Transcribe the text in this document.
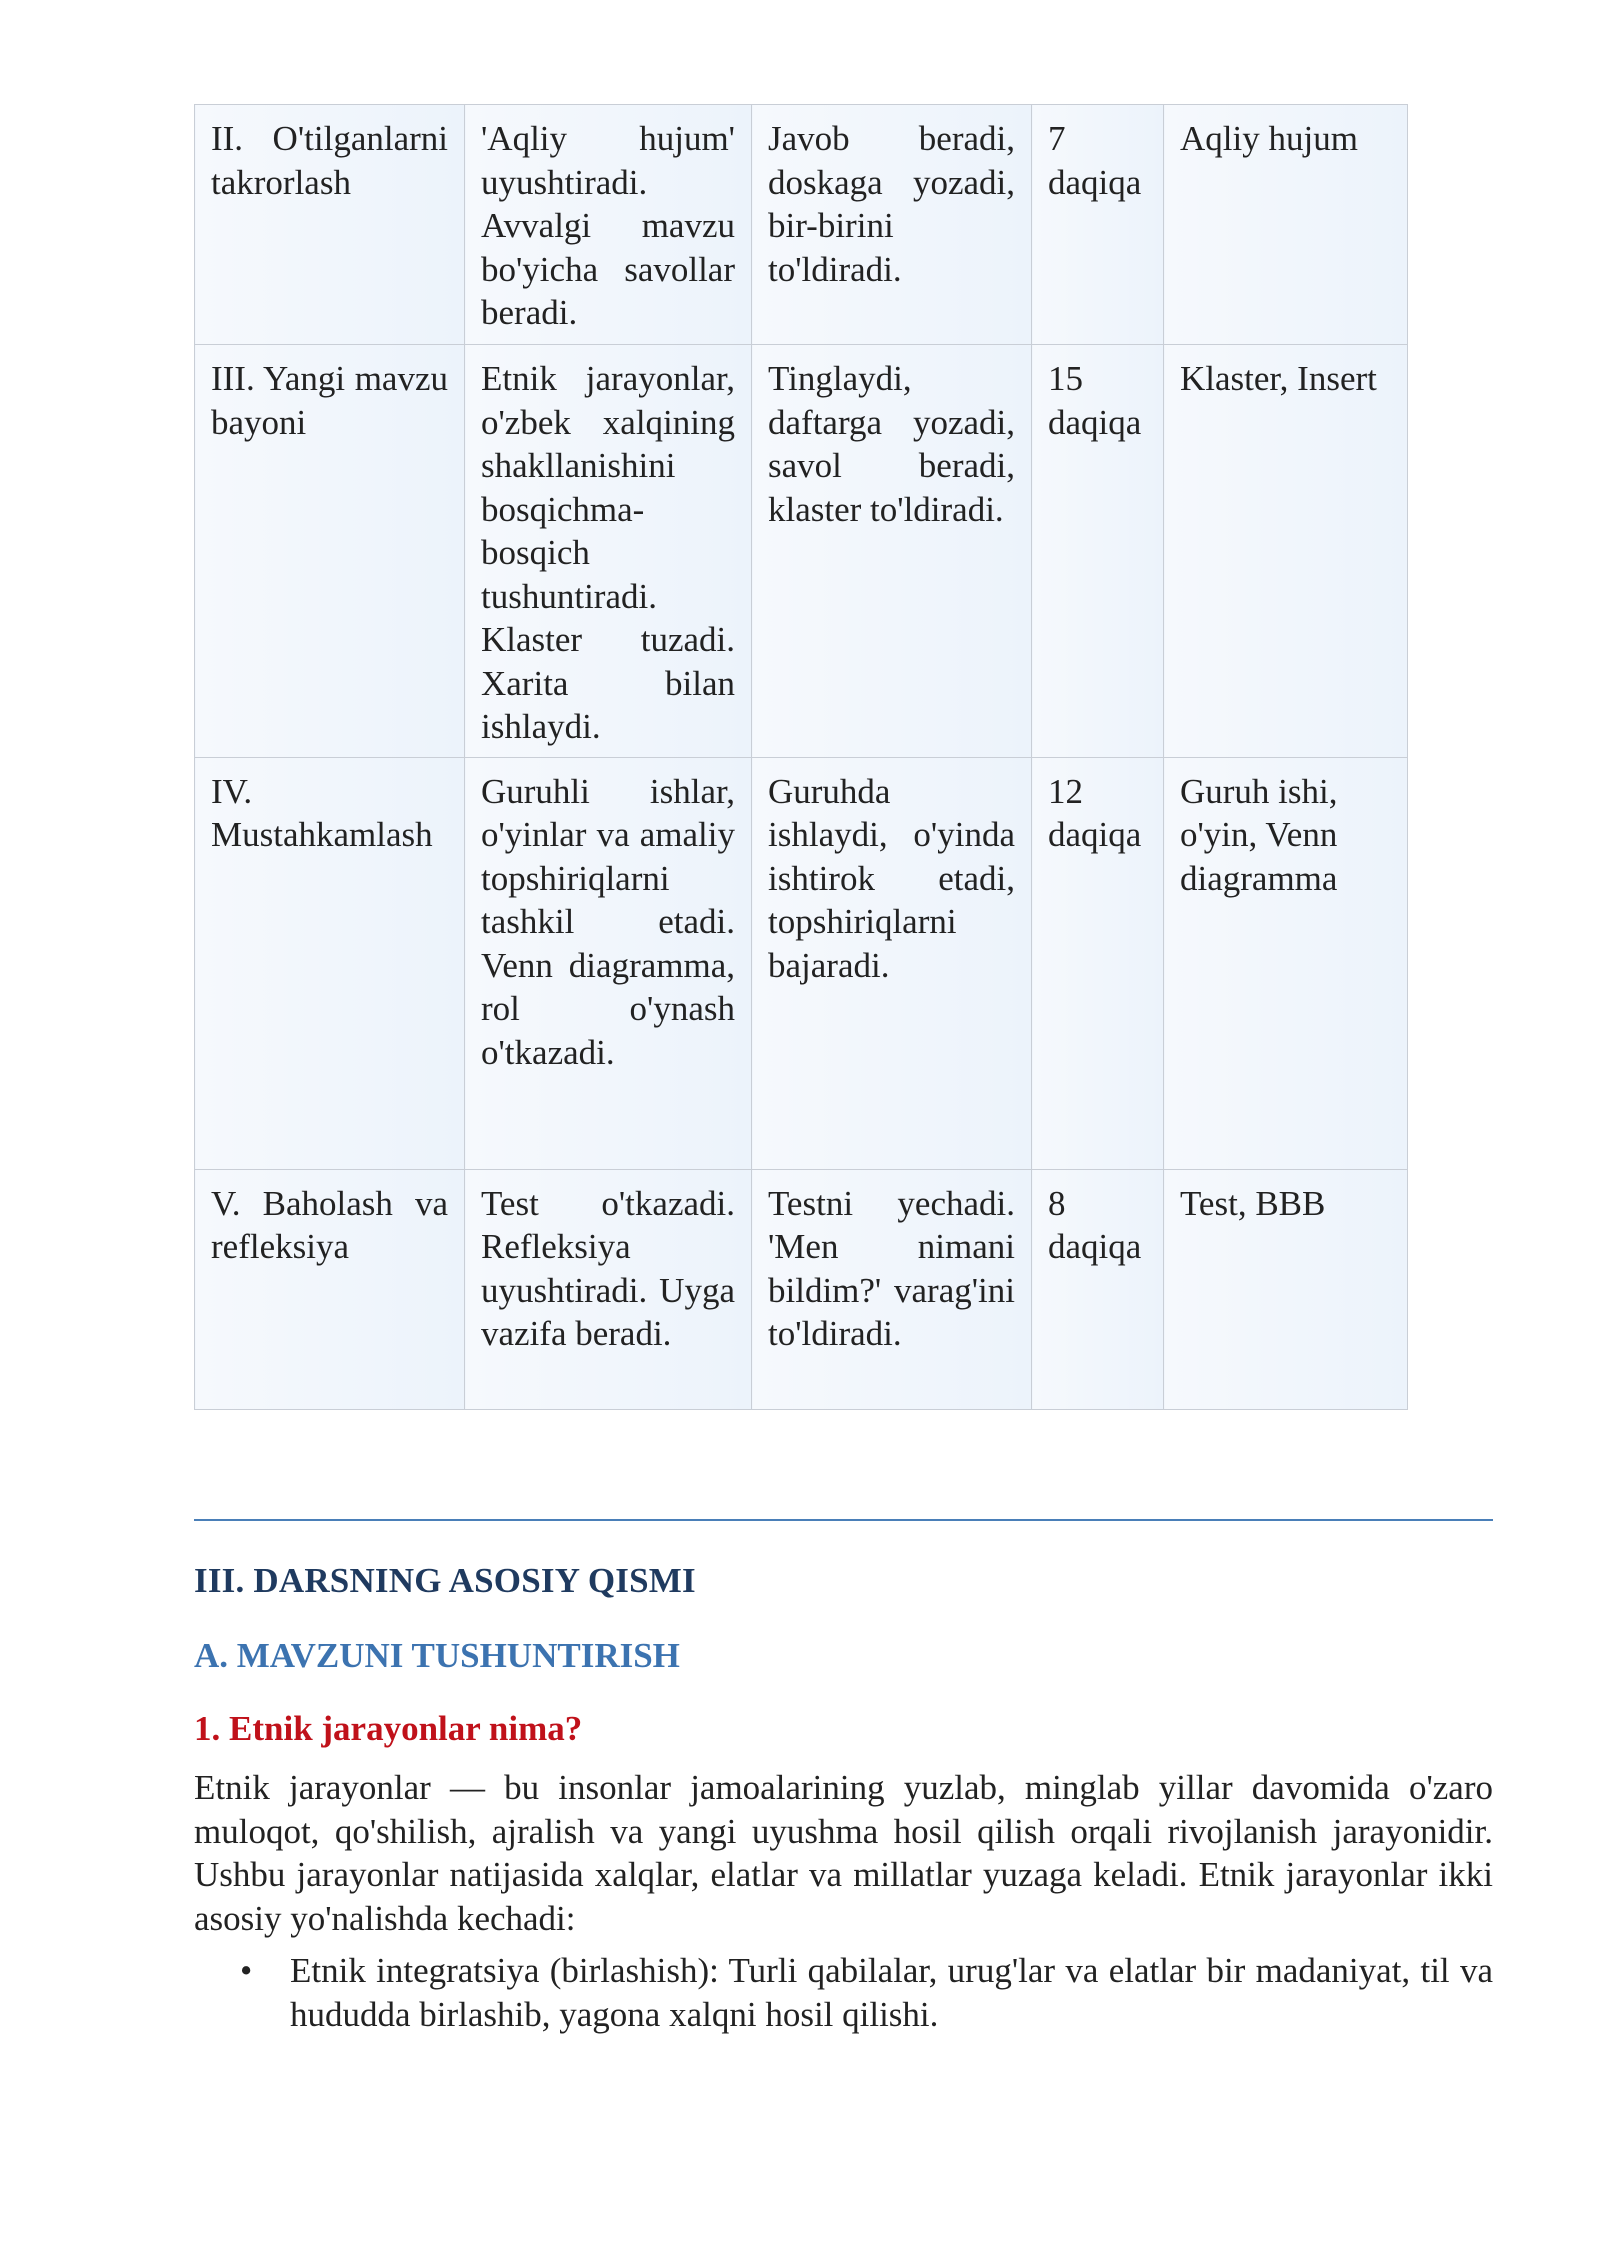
II. O'tilganlarni takrorlash	'Aqliy hujum' uyushtiradi. Avvalgi mavzu bo'yicha savollar beradi.	Javob beradi, doskaga yozadi, bir-birini to'ldiradi.	7 daqiqa	Aqliy hujum
III. Yangi mavzu bayoni	Etnik jarayonlar, o'zbek xalqining shakllanishini bosqichma-bosqich tushuntiradi. Klaster tuzadi. Xarita bilan ishlaydi.	Tinglaydi, daftarga yozadi, savol beradi, klaster to'ldiradi.	15 daqiqa	Klaster, Insert
IV. Mustahkamlash	Guruhli ishlar, o'yinlar va amaliy topshiriqlarni tashkil etadi. Venn diagramma, rol o'ynash o'tkazadi.	Guruhda ishlaydi, o'yinda ishtirok etadi, topshiriqlarni bajaradi.	12 daqiqa	Guruh ishi, o'yin, Venn diagramma
V. Baholash va refleksiya	Test o'tkazadi. Refleksiya uyushtiradi. Uyga vazifa beradi.	Testni yechadi. 'Men nimani bildim?' varag'ini to'ldiradi.	8 daqiqa	Test, BBB
III. DARSNING ASOSIY QISMI
A. MAVZUNI TUSHUNTIRISH
1. Etnik jarayonlar nima?

Etnik jarayonlar — bu insonlar jamoalarining yuzlab, minglab yillar davomida o'zaro muloqot, qo'shilish, ajralish va yangi uyushma hosil qilish orqali rivojlanish jarayonidir. Ushbu jarayonlar natijasida xalqlar, elatlar va millatlar yuzaga keladi. Etnik jarayonlar ikki asosiy yo'nalishda kechadi:

• Etnik integratsiya (birlashish): Turli qabilalar, urug'lar va elatlar bir madaniyat, til va hududda birlashib, yagona xalqni hosil qilishi.
